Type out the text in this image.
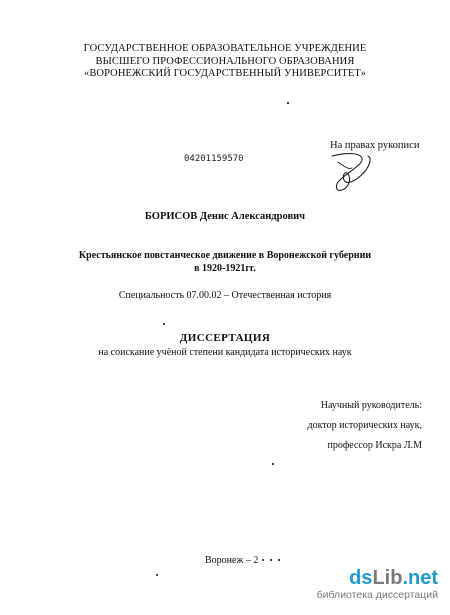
ГОСУДАРСТВЕННОЕ ОБРАЗОВАТЕЛЬНОЕ УЧРЕЖДЕНИЕ
ВЫСШЕГО ПРОФЕССИОНАЛЬНОГО ОБРАЗОВАНИЯ
«ВОРОНЕЖСКИЙ ГОСУДАРСТВЕННЫЙ УНИВЕРСИТЕТ»
На правах рукописи
04201159570
БОРИСОВ Денис Александрович
Крестьянское повстанческое движение в Воронежской губернии
в 1920-1921гг.
Специальность 07.00.02 – Отечественная история
ДИССЕРТАЦИЯ
на соискание учёной степени кандидата исторических наук
Научный руководитель:
доктор исторических наук,
профессор Искра Л.М
Воронеж – 2
dsLib.net
библиотека диссертаций
